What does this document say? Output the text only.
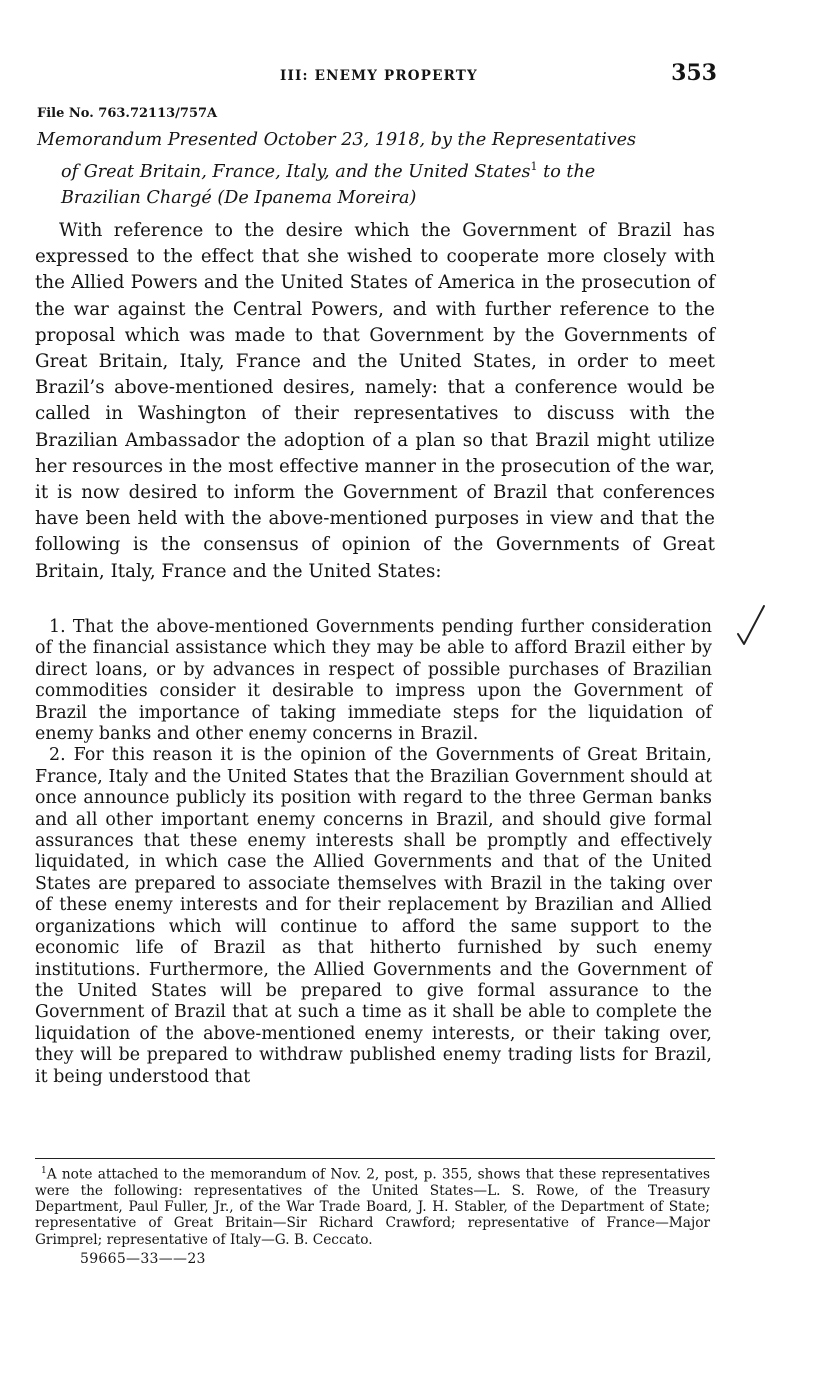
III: ENEMY PROPERTY	353
File No. 763.72113/757A
Memorandum Presented October 23, 1918, by the Representatives
of Great Britain, France, Italy, and the United States$^1$ to the
Brazilian Chargé (De Ipanema Moreira)

With reference to the desire which the Government of Brazil has expressed to the effect that she wished to cooperate more closely with the Allied Powers and the United States of America in the prosecution of the war against the Central Powers, and with further reference to the proposal which was made to that Government by the Governments of Great Britain, Italy, France and the United States, in order to meet Brazil’s above-mentioned desires, namely: that a conference would be called in Washington of their representatives to discuss with the Brazilian Ambassador the adoption of a plan so that Brazil might utilize her resources in the most effective manner in the prosecution of the war, it is now desired to inform the Government of Brazil that conferences have been held with the above-mentioned purposes in view and that the following is the consensus of opinion of the Governments of Great Britain, Italy, France and the United States:

1. That the above-mentioned Governments pending further consideration of the financial assistance which they may be able to afford Brazil either by direct loans, or by advances in respect of possible purchases of Brazilian commodities consider it desirable to impress upon the Government of Brazil the importance of taking immediate steps for the liquidation of enemy banks and other enemy concerns in Brazil.

2. For this reason it is the opinion of the Governments of Great Britain, France, Italy and the United States that the Brazilian Government should at once announce publicly its position with regard to the three German banks and all other important enemy concerns in Brazil, and should give formal assurances that these enemy interests shall be promptly and effectively liquidated, in which case the Allied Governments and that of the United States are prepared to associate themselves with Brazil in the taking over of these enemy interests and for their replacement by Brazilian and Allied organizations which will continue to afford the same support to the economic life of Brazil as that hitherto furnished by such enemy institutions. Furthermore, the Allied Governments and the Government of the United States will be prepared to give formal assurance to the Government of Brazil that at such a time as it shall be able to complete the liquidation of the above-mentioned enemy interests, or their taking over, they will be prepared to withdraw published enemy trading lists for Brazil, it being understood that

$^1$A note attached to the memorandum of Nov. 2, post, p. 355, shows that these representatives were the following: representatives of the United States—L. S. Rowe, of the Treasury Department, Paul Fuller, Jr., of the War Trade Board, J. H. Stabler, of the Department of State; representative of Great Britain—Sir Richard Crawford; representative of France—Major Grimprel; representative of Italy—G. B. Ceccato.

59665—33——23
